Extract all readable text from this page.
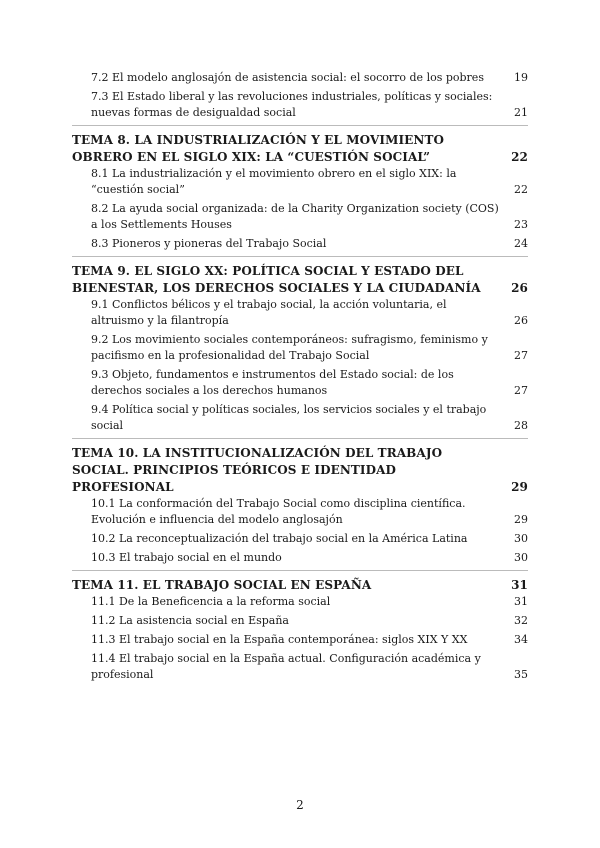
7.2 El modelo anglosajón de asistencia social: el socorro de los pobres	19
7.3 El Estado liberal y las revoluciones industriales, políticas y sociales: nuevas formas de desigualdad social	21
TEMA 8. LA INDUSTRIALIZACIÓN Y EL MOVIMIENTO OBRERO EN EL SIGLO XIX: LA “CUESTIÓN SOCIAL”	22
8.1 La industrialización y el movimiento obrero en el siglo XIX: la “cuestión social”	22
8.2 La ayuda social organizada: de la Charity Organization society (COS) a los Settlements Houses	23
8.3 Pioneros y pioneras del Trabajo Social	24
TEMA 9. EL SIGLO XX: POLÍTICA SOCIAL Y ESTADO DEL BIENESTAR, LOS DERECHOS SOCIALES Y LA CIUDADANÍA	26
9.1 Conflictos bélicos y el trabajo social, la acción voluntaria, el altruismo y la filantropía	26
9.2 Los movimiento sociales contemporáneos: sufragismo, feminismo y pacifismo en la profesionalidad del Trabajo Social	27
9.3 Objeto, fundamentos e instrumentos del Estado social: de los derechos sociales a los derechos humanos	27
9.4 Política social y políticas sociales, los servicios sociales y el trabajo social	28
TEMA 10. LA INSTITUCIONALIZACIÓN DEL TRABAJO SOCIAL. PRINCIPIOS TEÓRICOS E IDENTIDAD PROFESIONAL	29
10.1 La conformación del Trabajo Social como disciplina científica. Evolución e influencia del modelo anglosajón	29
10.2 La reconceptualización del trabajo social en la América Latina	30
10.3 El trabajo social en el mundo	30
TEMA 11. EL TRABAJO SOCIAL EN ESPAÑA	31
11.1 De la Beneficencia a la reforma social	31
11.2 La asistencia social en España	32
11.3 El trabajo social en la España contemporánea: siglos XIX Y XX	34
11.4 El trabajo social en la España actual. Configuración académica y profesional	35
2
